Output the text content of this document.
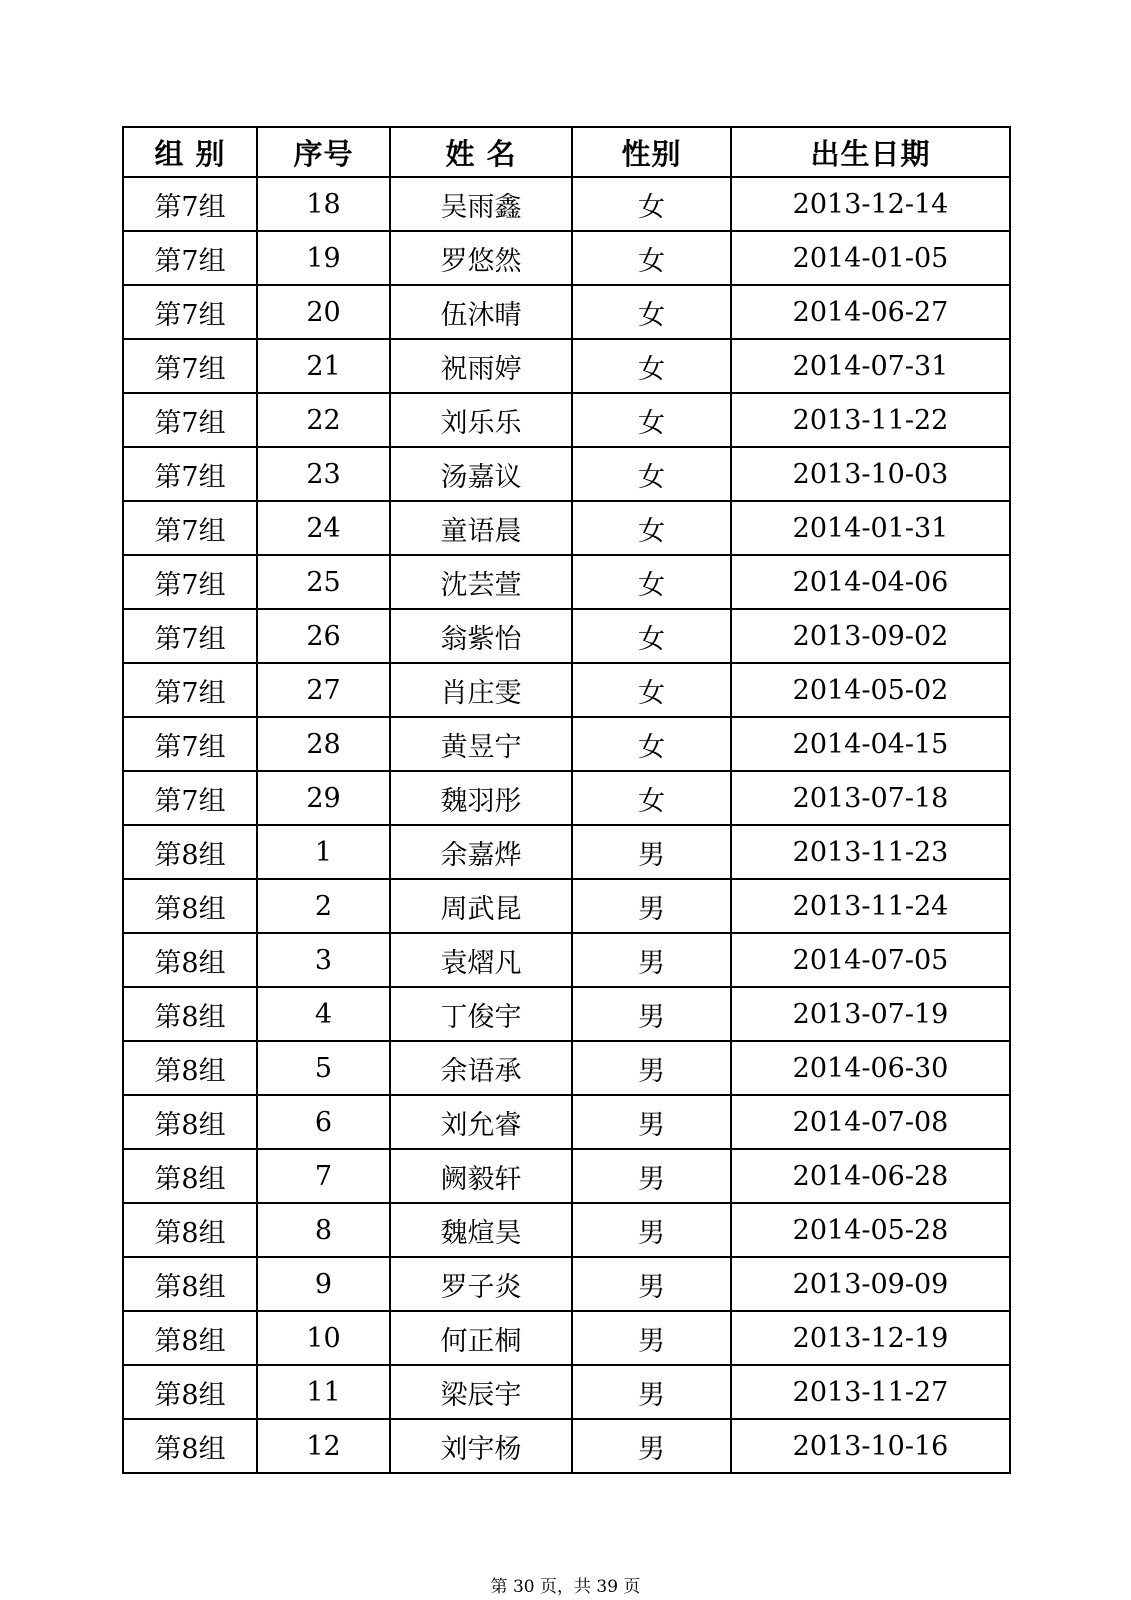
组 别	序号	姓 名	性别	出生日期
第7组	18	吴雨鑫	女	2013-12-14
第7组	19	罗悠然	女	2014-01-05
第7组	20	伍沐晴	女	2014-06-27
第7组	21	祝雨婷	女	2014-07-31
第7组	22	刘乐乐	女	2013-11-22
第7组	23	汤嘉议	女	2013-10-03
第7组	24	童语晨	女	2014-01-31
第7组	25	沈芸萱	女	2014-04-06
第7组	26	翁紫怡	女	2013-09-02
第7组	27	肖庄雯	女	2014-05-02
第7组	28	黄昱宁	女	2014-04-15
第7组	29	魏羽彤	女	2013-07-18
第8组	1	余嘉烨	男	2013-11-23
第8组	2	周武昆	男	2013-11-24
第8组	3	袁熠凡	男	2014-07-05
第8组	4	丁俊宇	男	2013-07-19
第8组	5	余语承	男	2014-06-30
第8组	6	刘允睿	男	2014-07-08
第8组	7	阙毅轩	男	2014-06-28
第8组	8	魏煊昊	男	2014-05-28
第8组	9	罗子炎	男	2013-09-09
第8组	10	何正桐	男	2013-12-19
第8组	11	梁辰宇	男	2013-11-27
第8组	12	刘宇杨	男	2013-10-16
第 30 页，共 39 页
